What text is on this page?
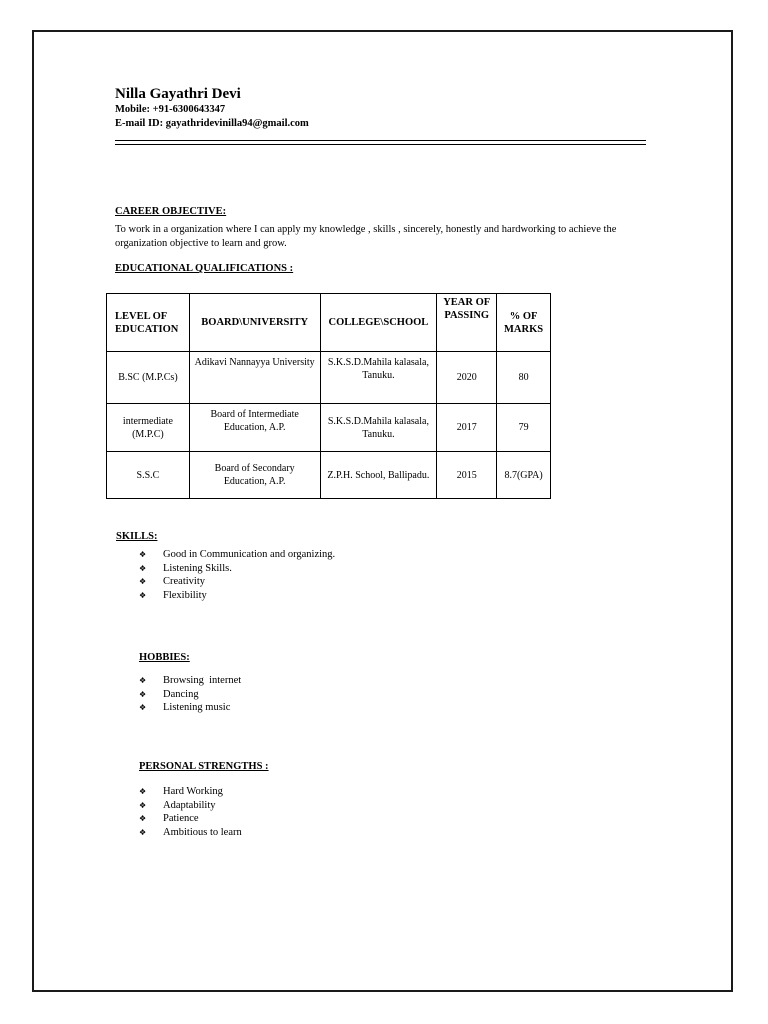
Nilla Gayathri Devi
Mobile: +91-6300643347
E-mail ID: gayathridevinilla94@gmail.com
CAREER OBJECTIVE:
To work in a organization where I can apply my knowledge , skills , sincerely, honestly and hardworking to achieve the organization objective to learn and grow.
EDUCATIONAL QUALIFICATIONS :
LEVEL OF EDUCATION	BOARD\UNIVERSITY	COLLEGE\SCHOOL	YEAR OF PASSING	% OF MARKS
B.SC (M.P.Cs)	Adikavi Nannayya University	S.K.S.D.Mahila kalasala, Tanuku.	2020	80
intermediate (M.P.C)	Board of Intermediate Education, A.P.	S.K.S.D.Mahila kalasala, Tanuku.	2017	79
S.S.C	Board of Secondary Education, A.P.	Z.P.H. School, Ballipadu.	2015	8.7(GPA)
SKILLS:
❖ Good in Communication and organizing.
❖ Listening Skills.
❖ Creativity
❖ Flexibility
HOBBIES:
❖ Browsing  internet
❖ Dancing
❖ Listening music
PERSONAL STRENGTHS :
❖ Hard Working
❖ Adaptability
❖ Patience
❖ Ambitious to learn
